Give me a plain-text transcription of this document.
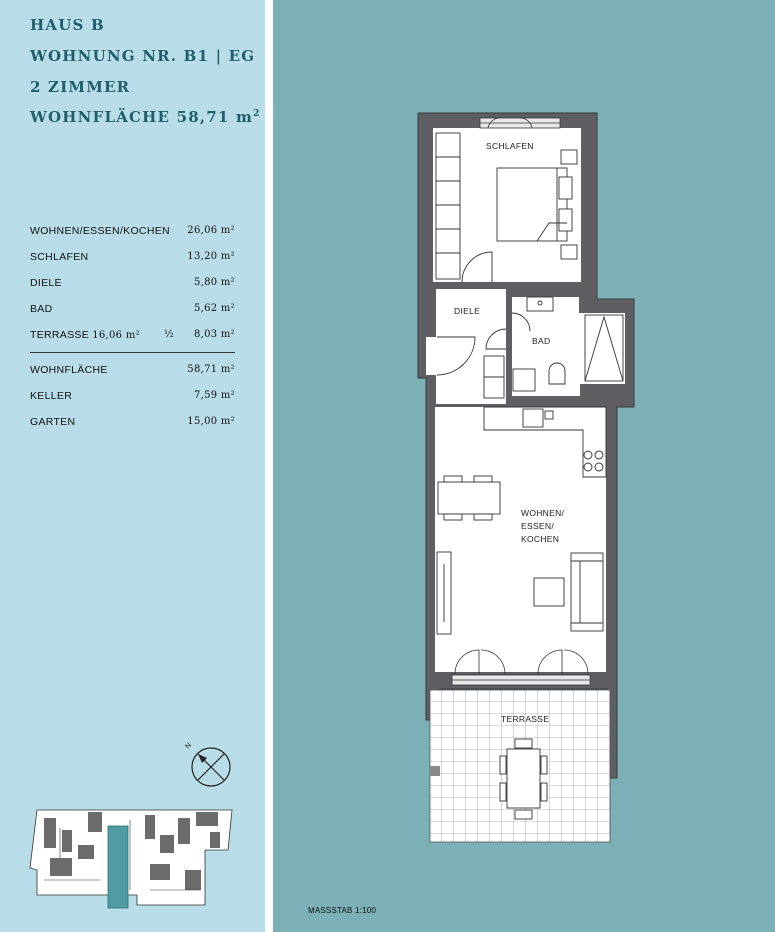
HAUS B
WOHNUNG NR. B1 | EG
2 ZIMMER
WOHNFLÄCHE 58,71 $m^2$
WOHNEN/ESSEN/KOCHEN 26,06 m²
SCHLAFEN	13,20 m²
DIELE	5,80 m²
BAD	5,62 m²
TERRASSE 16,06 m² ½ 8,03 m²
WOHNFLÄCHE	58,71 m²
KELLER	7,59 m²
GARTEN	15,00 m²
SCHLAFEN
DIELE
BAD
WOHNEN/
ESSEN/
KOCHEN
TERRASSE
N
MASSSTAB 1:100
